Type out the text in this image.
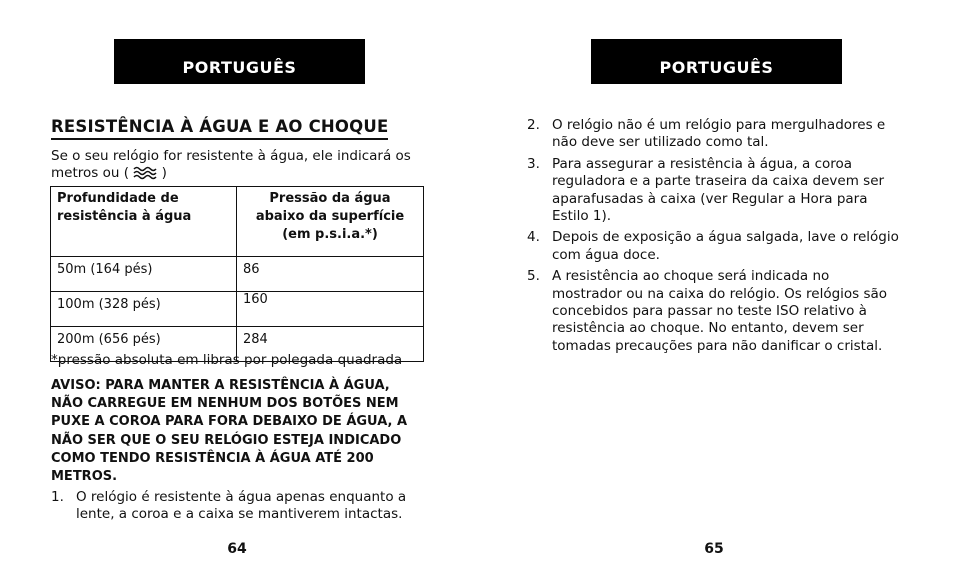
PORTUGUÊS
RESISTÊNCIA À ÁGUA E AO CHOQUE

Se o seu relógio for resistente à água, ele indicará os metros ou ( )

Profundidade de resistência à água	Pressão da água abaixo da superfície (em p.s.i.a.*)
50m (164 pés)	86
100m (328 pés)	160
200m (656 pés)	284

*pressão absoluta em libras por polegada quadrada

AVISO: PARA MANTER A RESISTÊNCIA À ÁGUA, NÃO CARREGUE EM NENHUM DOS BOTÕES NEM PUXE A COROA PARA FORA DEBAIXO DE ÁGUA, A NÃO SER QUE O SEU RELÓGIO ESTEJA INDICADO COMO TENDO RESISTÊNCIA À ÁGUA ATÉ 200 METROS.

1. O relógio é resistente à água apenas enquanto a lente, a coroa e a caixa se mantiverem intactas.
64
PORTUGUÊS
2. O relógio não é um relógio para mergulhadores e não deve ser utilizado como tal.
3. Para assegurar a resistência à água, a coroa reguladora e a parte traseira da caixa devem ser aparafusadas à caixa (ver Regular a Hora para Estilo 1).
4. Depois de exposição a água salgada, lave o relógio com água doce.
5. A resistência ao choque será indicada no mostrador ou na caixa do relógio. Os relógios são concebidos para passar no teste ISO relativo à resistência ao choque. No entanto, devem ser tomadas precauções para não danificar o cristal.
65
